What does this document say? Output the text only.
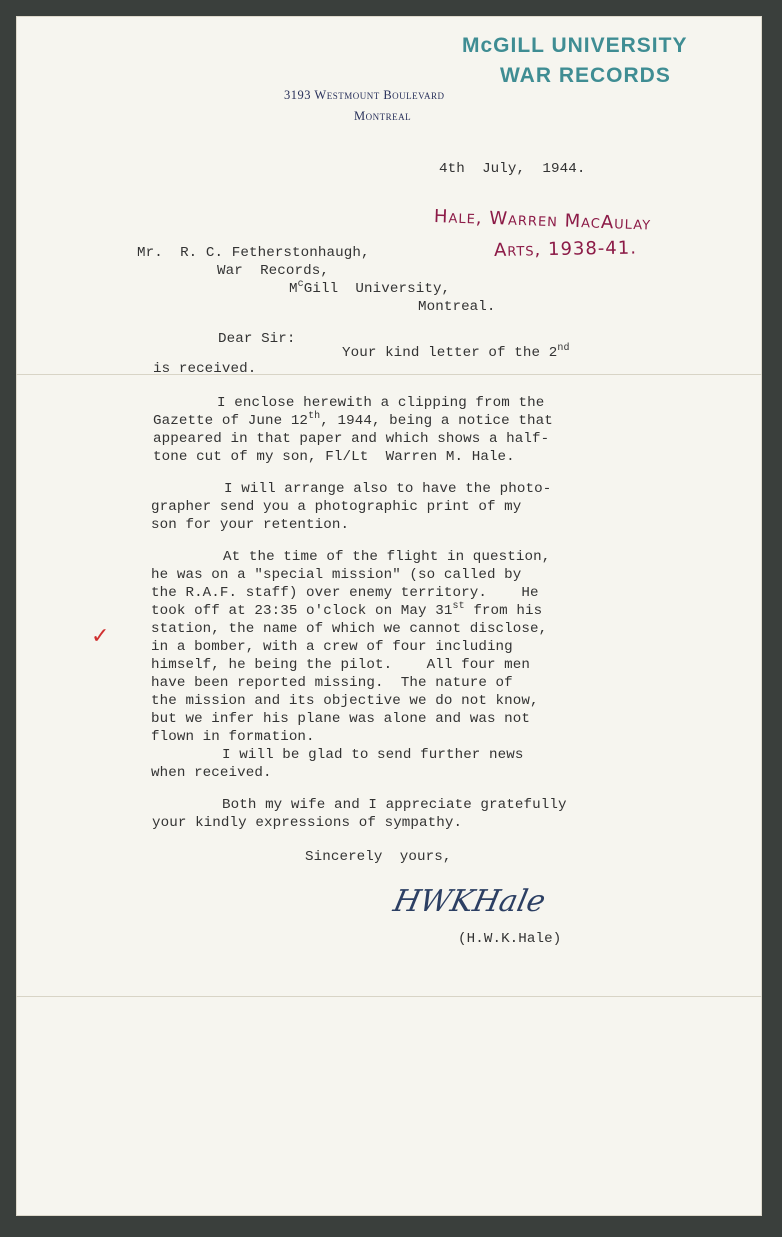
McGILL UNIVERSITY
WAR RECORDS
3193 Westmount Boulevard
Montreal
4th  July,  1944.
Hale, Warren MacAulay
Arts, 1938-41.
Mr.  R. C. Fetherstonhaugh,
War  Records,
$M^cGill$  University,
Montreal.
Dear Sir:
Your kind letter of the 2nd
is received.
I enclose herewith a clipping from the
Gazette of June 12th, 1944, being a notice that
appeared in that paper and which shows a half-
tone cut of my son, Fl/Lt  Warren M. Hale.
I will arrange also to have the photo-
grapher send you a photographic print of my
son for your retention.
At the time of the flight in question,
he was on a "special mission" (so called by
the R.A.F. staff) over enemy territory.    He
took off at 23:35 o'clock on May 31st from his
station, the name of which we cannot disclose,
in a bomber, with a crew of four including
himself, he being the pilot.    All four men
have been reported missing.  The nature of
the mission and its objective we do not know,
but we infer his plane was alone and was not
flown in formation.
✓
I will be glad to send further news
when received.
Both my wife and I appreciate gratefully
your kindly expressions of sympathy.
Sincerely  yours,
HWKHale
(H.W.K.Hale)
